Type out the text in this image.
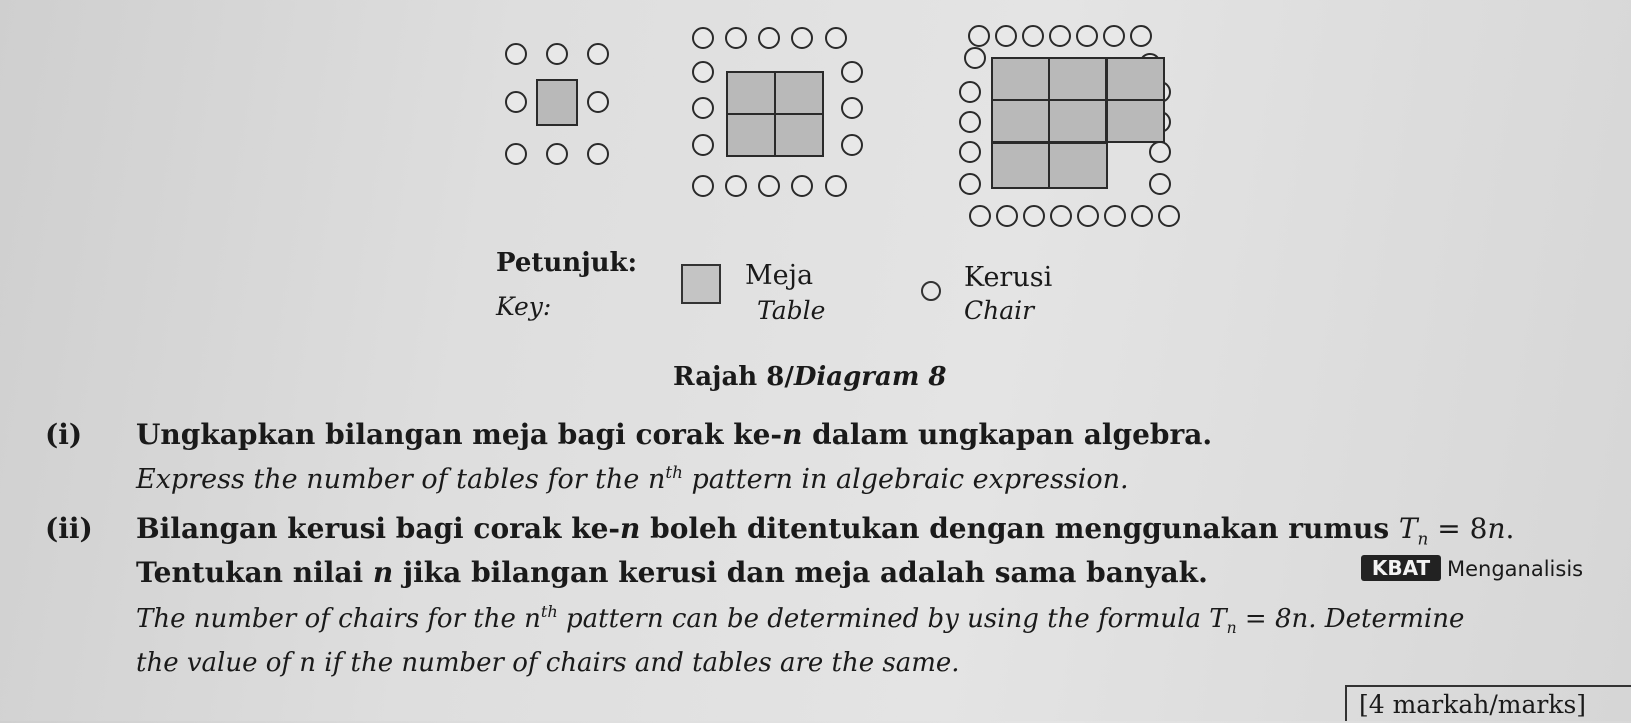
Petunjuk:
Key:
Meja
Table
Kerusi
Chair
Rajah 8/Diagram 8
(i) Ungkapkan bilangan meja bagi corak ke-n dalam ungkapan algebra.
Express the number of tables for the $n^{th}$ pattern in algebraic expression.
(ii) Bilangan kerusi bagi corak ke-n boleh ditentukan dengan menggunakan rumus $T_n = 8n$.
Tentukan nilai n jika bilangan kerusi dan meja adalah sama banyak.	KBAT Menganalisis
The number of chairs for the $n^{th}$ pattern can be determined by using the formula $T_n = 8n$. Determine
the value of n if the number of chairs and tables are the same.
[4 markah/marks]
